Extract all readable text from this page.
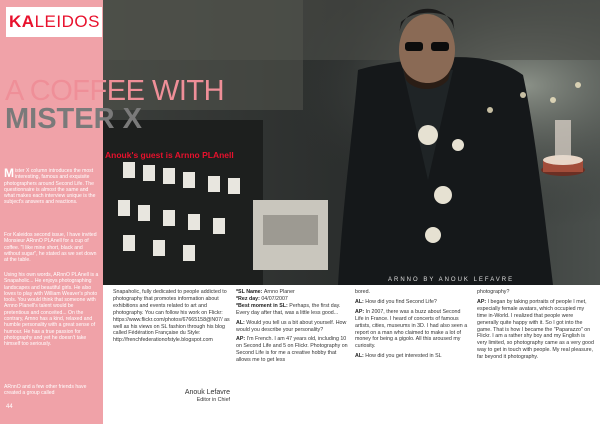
ARNNO BY ANOUK LEFAVRE
KALEIDOS
A COFFEE WITH
MISTER X
Anouk's guest is Arnno PLAnell
Mister X column introduces the most interesting, famous and exquisite photographers around Second Life. The questionnaire is almost the same and what makes each interview unique is the subject's answers and reactions.
For Kaleidos second issue, I have invited Monsieur ARnnO PLAnell for a cup of coffee. "I like mine short, black and without sugar", he stated as we set down at the table.
Using his own words, ARnnO PLAnell is a Snapaholic... He enjoys photographing landscapes and beautiful girls. He also loves to play with William Weaver's photo tools. You would think that someone with Arnno Planell's talent would be pretentious and conceited... On the contrary, Arnno has a kind, relaxed and humble personality with a great sense of humour. He has a true passion for photography and yet he doesn't take himself too seriously.
ARnnO and a few other friends have created a group called
44

Snapaholic, fully dedicated to people addicted to photography that promotes information about exhibitions and events related to art and photography. You can follow his work on Flickr: https://www.flickr.com/photos/67665158@N07/ as well as his views on SL fashion through his blog called Fédération Française du Style: http://frenchfederationofstyle.blogspot.com

Anouk Lefavre
Editor in Chief
*SL Name: Arnno Planer
*Rez day: 04/07/2007

*Best moment in SL: Perhaps, the first day. Every day after that, was a little less good...

AL: Would you tell us a bit about yourself. How would you describe your personality?

AP: I'm French. I am 47 years old, including 10 on Second Life and 5 on Flickr. Photography on Second Life is for me a creative hobby that allows me to get less

bored.

AL: How did you find Second Life?

AP: In 2007, there was a buzz about Second Life in France. I heard of concerts of famous artists, cities, museums in 3D. I had also seen a report on a man who claimed to make a lot of money for being a gigolo. All this aroused my curiosity.

AL: How did you get interested in SL

photography?

AP: I began by taking portraits of people I met, especially female avatars, which occupied my time in-World. I realized that people were generally quite happy with it. So I got into the game. That is how I became the "Paparazzo" on Flickr. I am a rather shy boy and my English is very limited, so photography came as a very good way to get in touch with people. My real pleasure, far beyond it photography.
